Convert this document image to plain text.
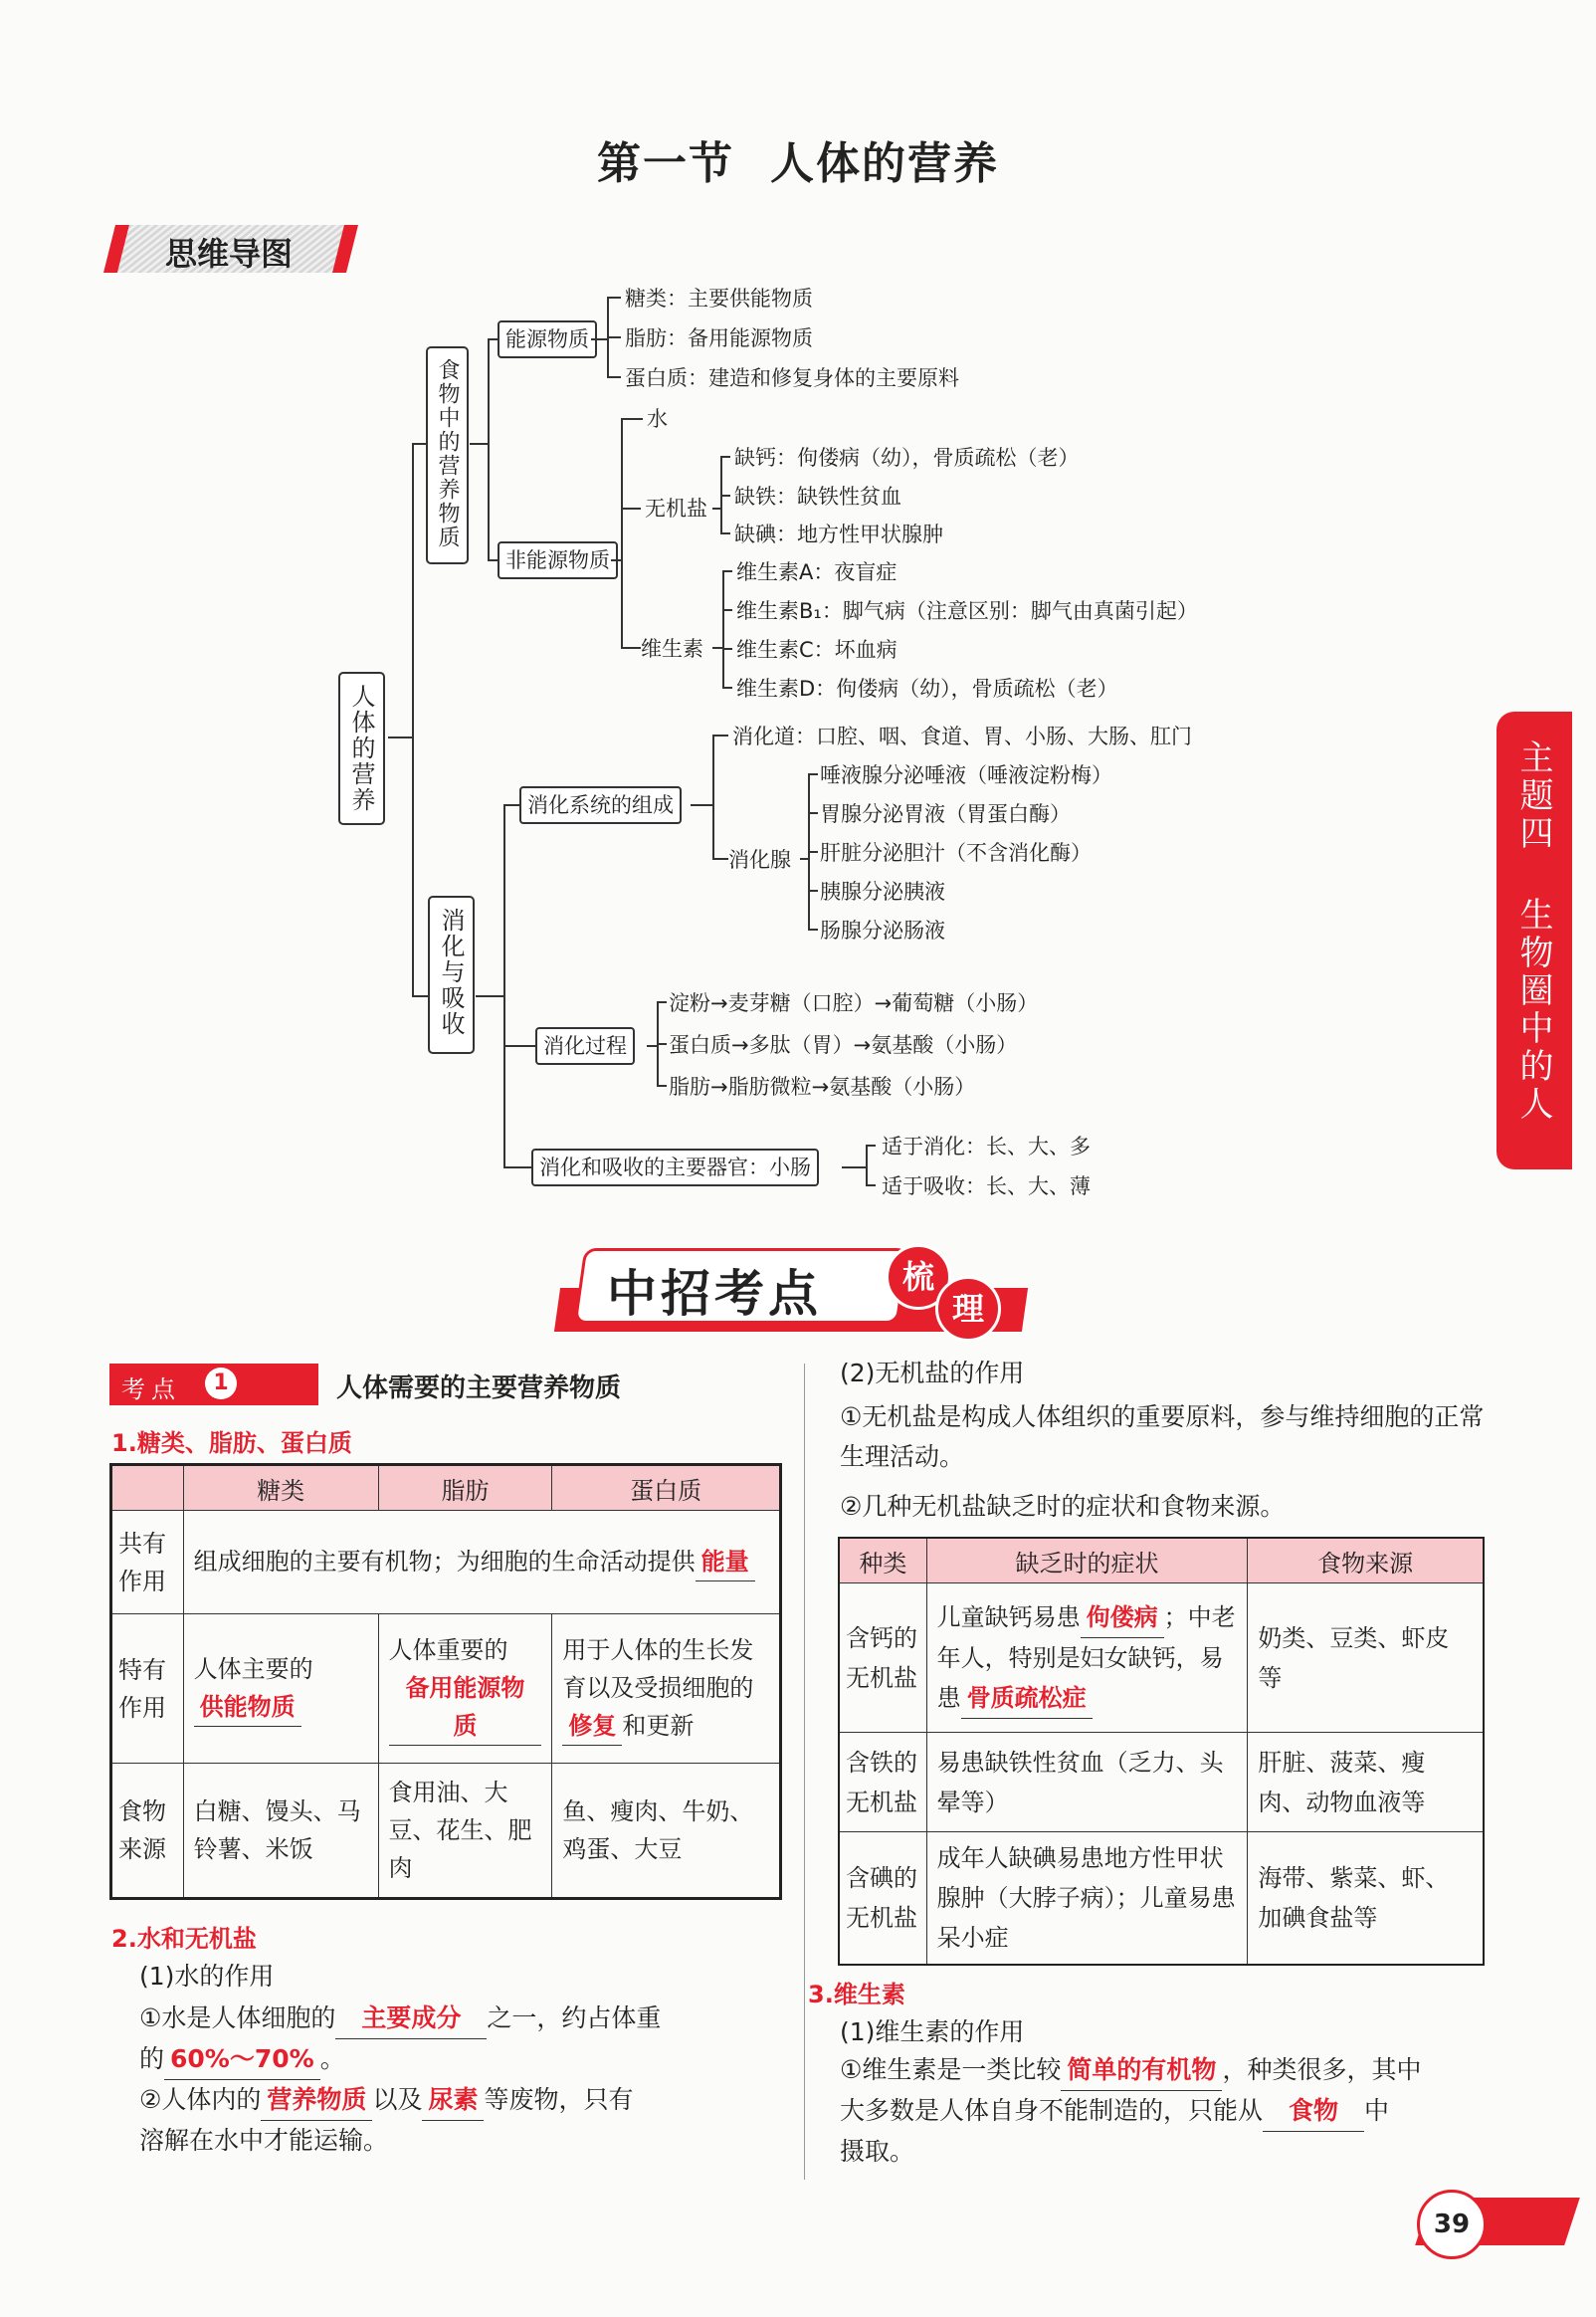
第一节 人体的营养
思维导图
人体的营养
食物中的营养物质
能源物质
糖类：主要供能物质
脂肪：备用能源物质
蛋白质：建造和修复身体的主要原料
非能源物质
水
无机盐
缺钙：佝偻病（幼），骨质疏松（老）
缺铁：缺铁性贫血
缺碘：地方性甲状腺肿
维生素
维生素A：夜盲症
维生素B₁：脚气病（注意区别：脚气由真菌引起）
维生素C：坏血病
维生素D：佝偻病（幼），骨质疏松（老）
消化与吸收
消化系统的组成
消化道：口腔、咽、食道、胃、小肠、大肠、肛门
消化腺
唾液腺分泌唾液（唾液淀粉梅）
胃腺分泌胃液（胃蛋白酶）
肝脏分泌胆汁（不含消化酶）
胰腺分泌胰液
肠腺分泌肠液
消化过程
淀粉→麦芽糖（口腔）→葡萄糖（小肠）
蛋白质→多肽（胃）→氨基酸（小肠）
脂肪→脂肪微粒→氨基酸（小肠）
消化和吸收的主要器官：小肠
适于消化：长、大、多
适于吸收：长、大、薄
主题四 生物圈中的人
中招考点	梳
理
考点	1 ►► 人体需要的主要营养物质
1.糖类、脂肪、蛋白质
	糖类	脂肪	蛋白质
共有作用	组成细胞的主要有机物；为细胞的生命活动提供 能量		
特有作用	人体主要的供能物质	人体重要的备用能源物质	用于人体的生长发育以及受损细胞的修复 和更新
食物来源	白糖、馒头、马铃薯、米饭	食用油、大豆、花生、肥肉	鱼、瘦肉、牛奶、鸡蛋、大豆
2.水和无机盐
(1)水的作用
①水是人体细胞的 主要成分 之一，约占体重
的 60%～70% 。
②人体内的 营养物质 以及 尿素 等废物，只有
溶解在水中才能运输。
(2)无机盐的作用
①无机盐是构成人体组织的重要原料，参与维持细胞的正常生理活动。
②几种无机盐缺乏时的症状和食物来源。
种类	缺乏时的症状	食物来源
含钙的无机盐	儿童缺钙易患 佝偻病 ；中老年人，特别是妇女缺钙，易患 骨质疏松症	奶类、豆类、虾皮等
含铁的无机盐	易患缺铁性贫血（乏力、头晕等）	肝脏、菠菜、瘦肉、动物血液等
含碘的无机盐	成年人缺碘易患地方性甲状腺肿（大脖子病）；儿童易患呆小症	海带、紫菜、虾、加碘食盐等
3.维生素
(1)维生素的作用
①维生素是一类比较 简单的有机物 ，种类很多，其中
大多数是人体自身不能制造的，只能从 食物 中
摄取。
39
